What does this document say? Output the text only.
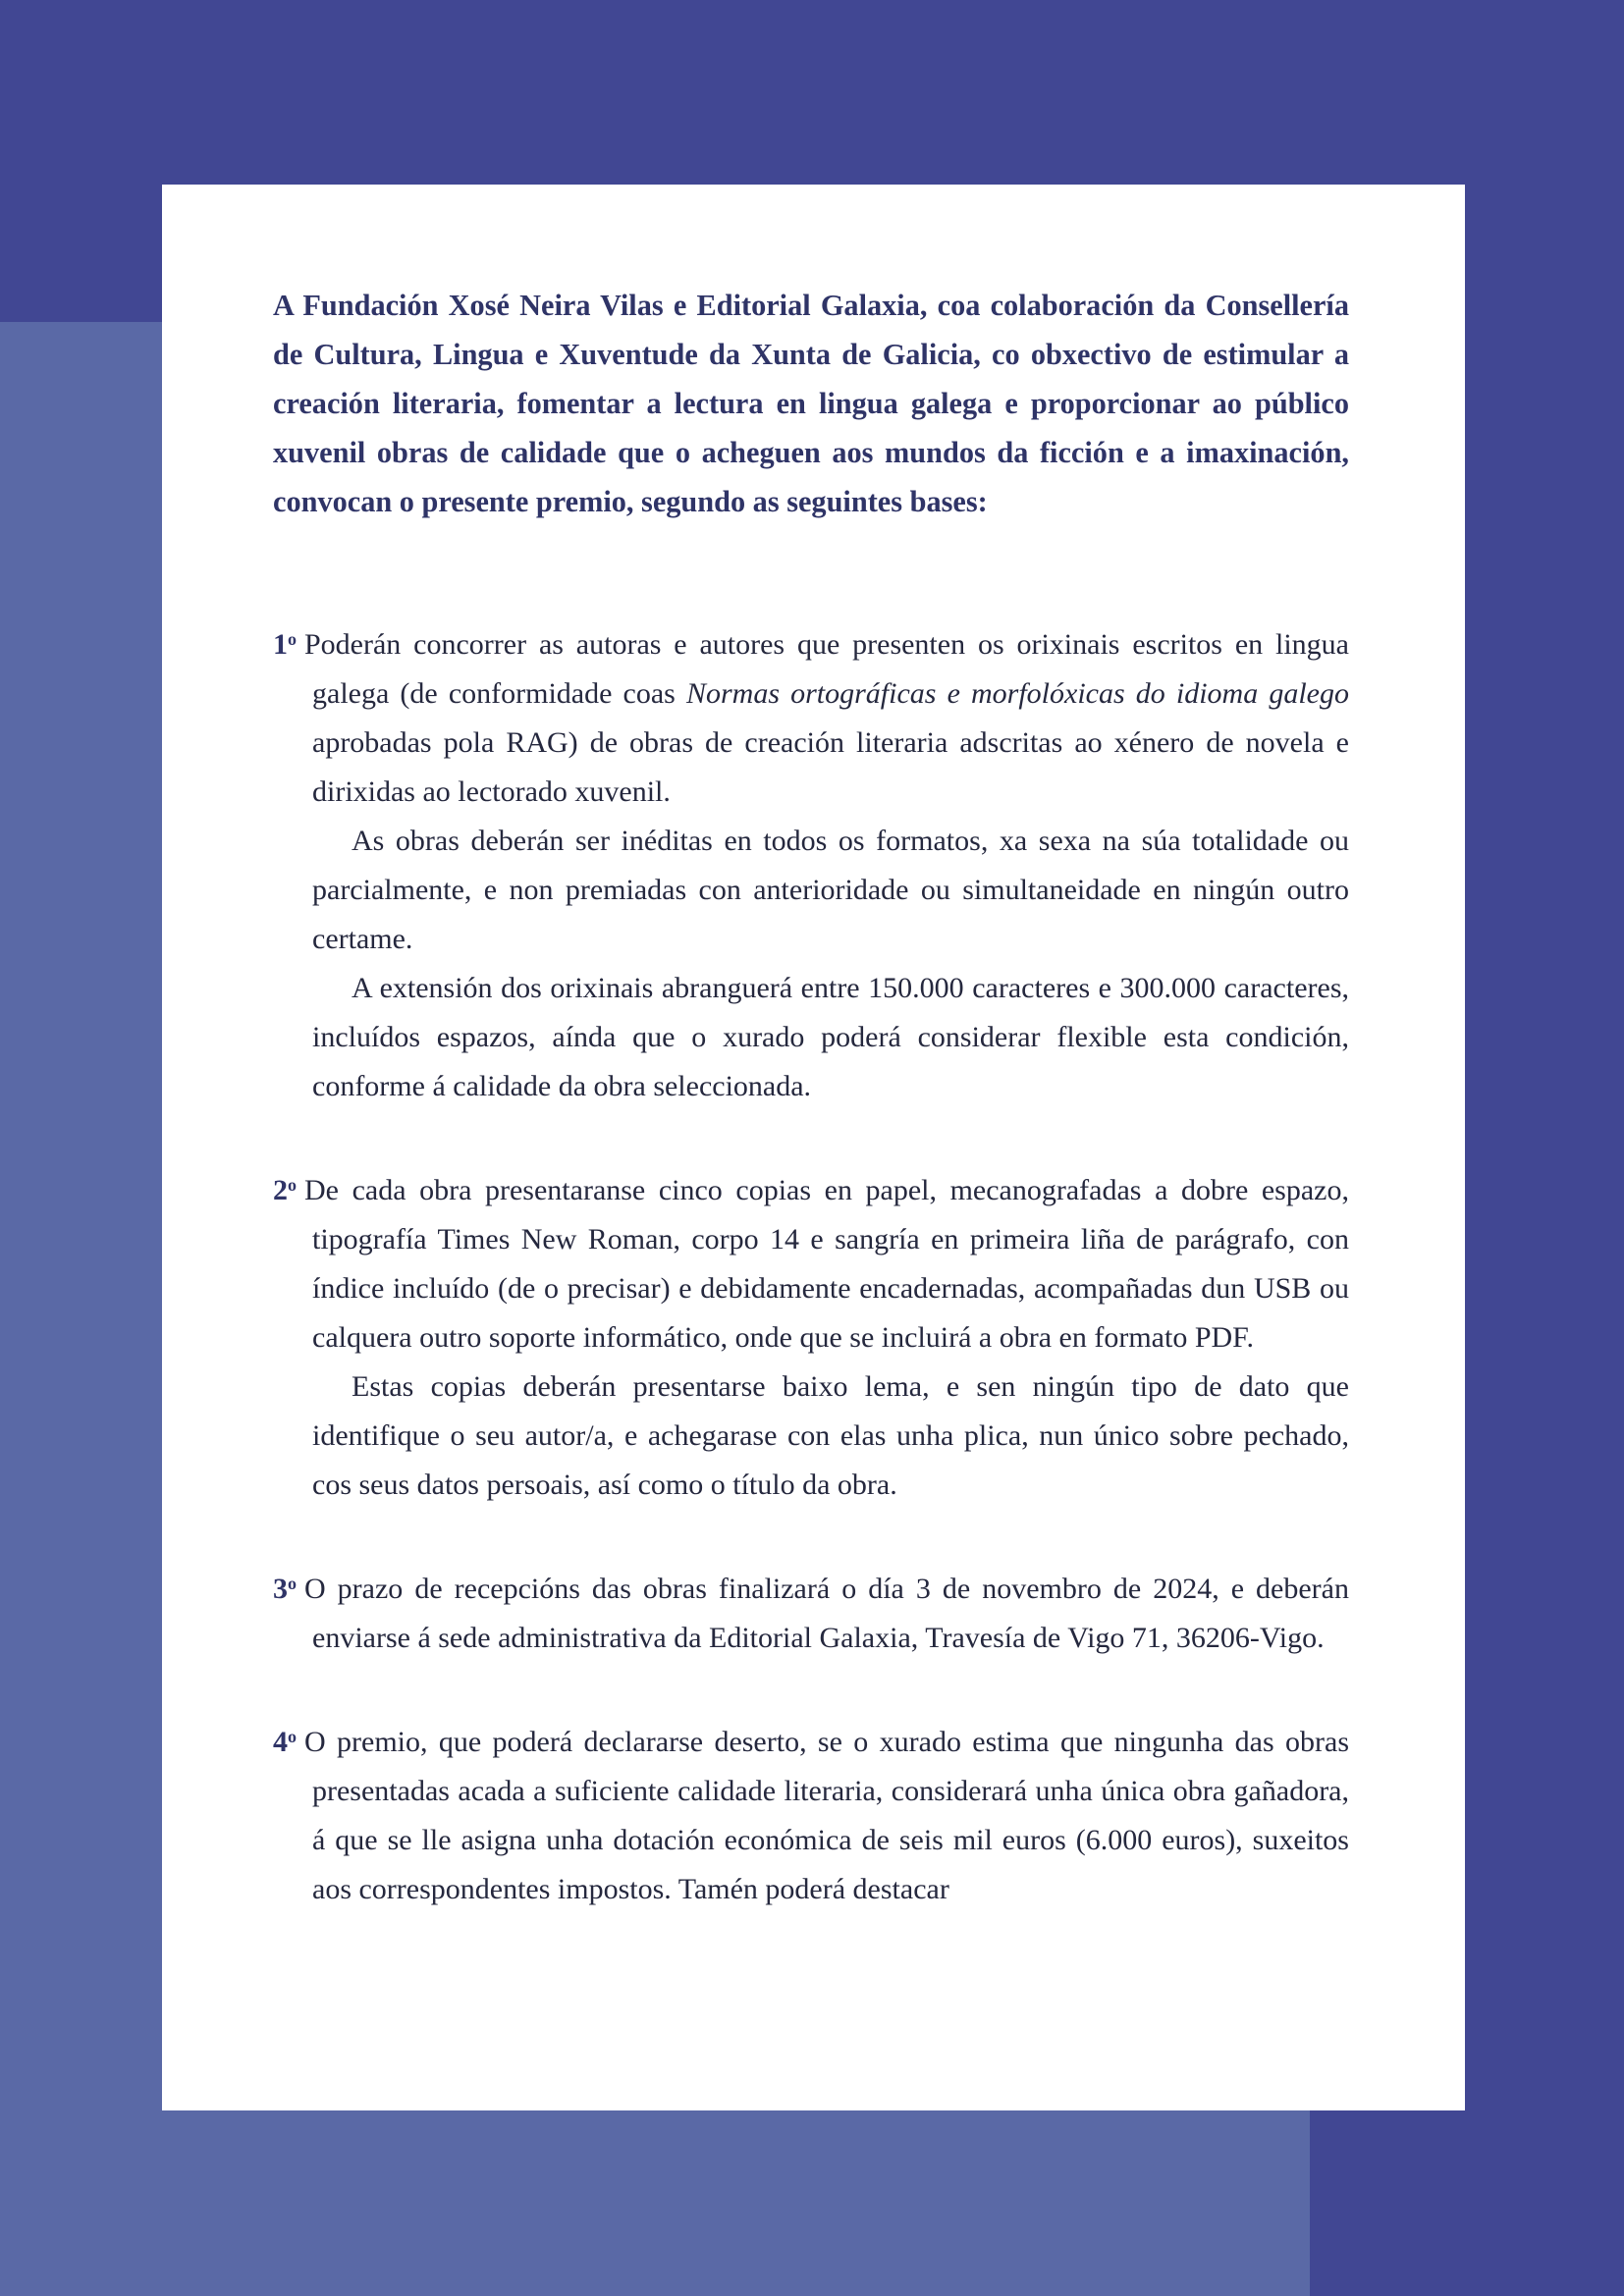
A Fundación Xosé Neira Vilas e Editorial Galaxia, coa colaboración da Consellería de Cultura, Lingua e Xuventude da Xunta de Galicia, co obxectivo de estimular a creación literaria, fomentar a lectura en lingua galega e proporcionar ao público xuvenil obras de calidade que o acheguen aos mundos da ficción e a imaxinación, convocan o presente premio, segundo as seguintes bases:

1$^o$ Poderán concorrer as autoras e autores que presenten os orixinais escritos en lingua galega (de conformidade coas Normas ortográficas e morfolóxicas do idioma galego aprobadas pola RAG) de obras de creación literaria adscritas ao xénero de novela e dirixidas ao lectorado xuvenil.

As obras deberán ser inéditas en todos os formatos, xa sexa na súa totalidade ou parcialmente, e non premiadas con anterioridade ou simultaneidade en ningún outro certame.

A extensión dos orixinais abranguerá entre 150.000 caracteres e 300.000 caracteres, incluídos espazos, aínda que o xurado poderá considerar flexible esta condición, conforme á calidade da obra seleccionada.

2$^o$ De cada obra presentaranse cinco copias en papel, mecanografadas a dobre espazo, tipografía Times New Roman, corpo 14 e sangría en primeira liña de parágrafo, con índice incluído (de o precisar) e debidamente encadernadas, acompañadas dun USB ou calquera outro soporte informático, onde que se incluirá a obra en formato PDF.

Estas copias deberán presentarse baixo lema, e sen ningún tipo de dato que identifique o seu autor/a, e achegarase con elas unha plica, nun único sobre pechado, cos seus datos persoais, así como o título da obra.

3$^o$ O prazo de recepcións das obras finalizará o día 3 de novembro de 2024, e deberán enviarse á sede administrativa da Editorial Galaxia, Travesía de Vigo 71, 36206-Vigo.

4$^o$ O premio, que poderá declararse deserto, se o xurado estima que ningunha das obras presentadas acada a suficiente calidade literaria, considerará unha única obra gañadora, á que se lle asigna unha dotación económica de seis mil euros (6.000 euros), suxeitos aos correspondentes impostos. Tamén poderá destacar
